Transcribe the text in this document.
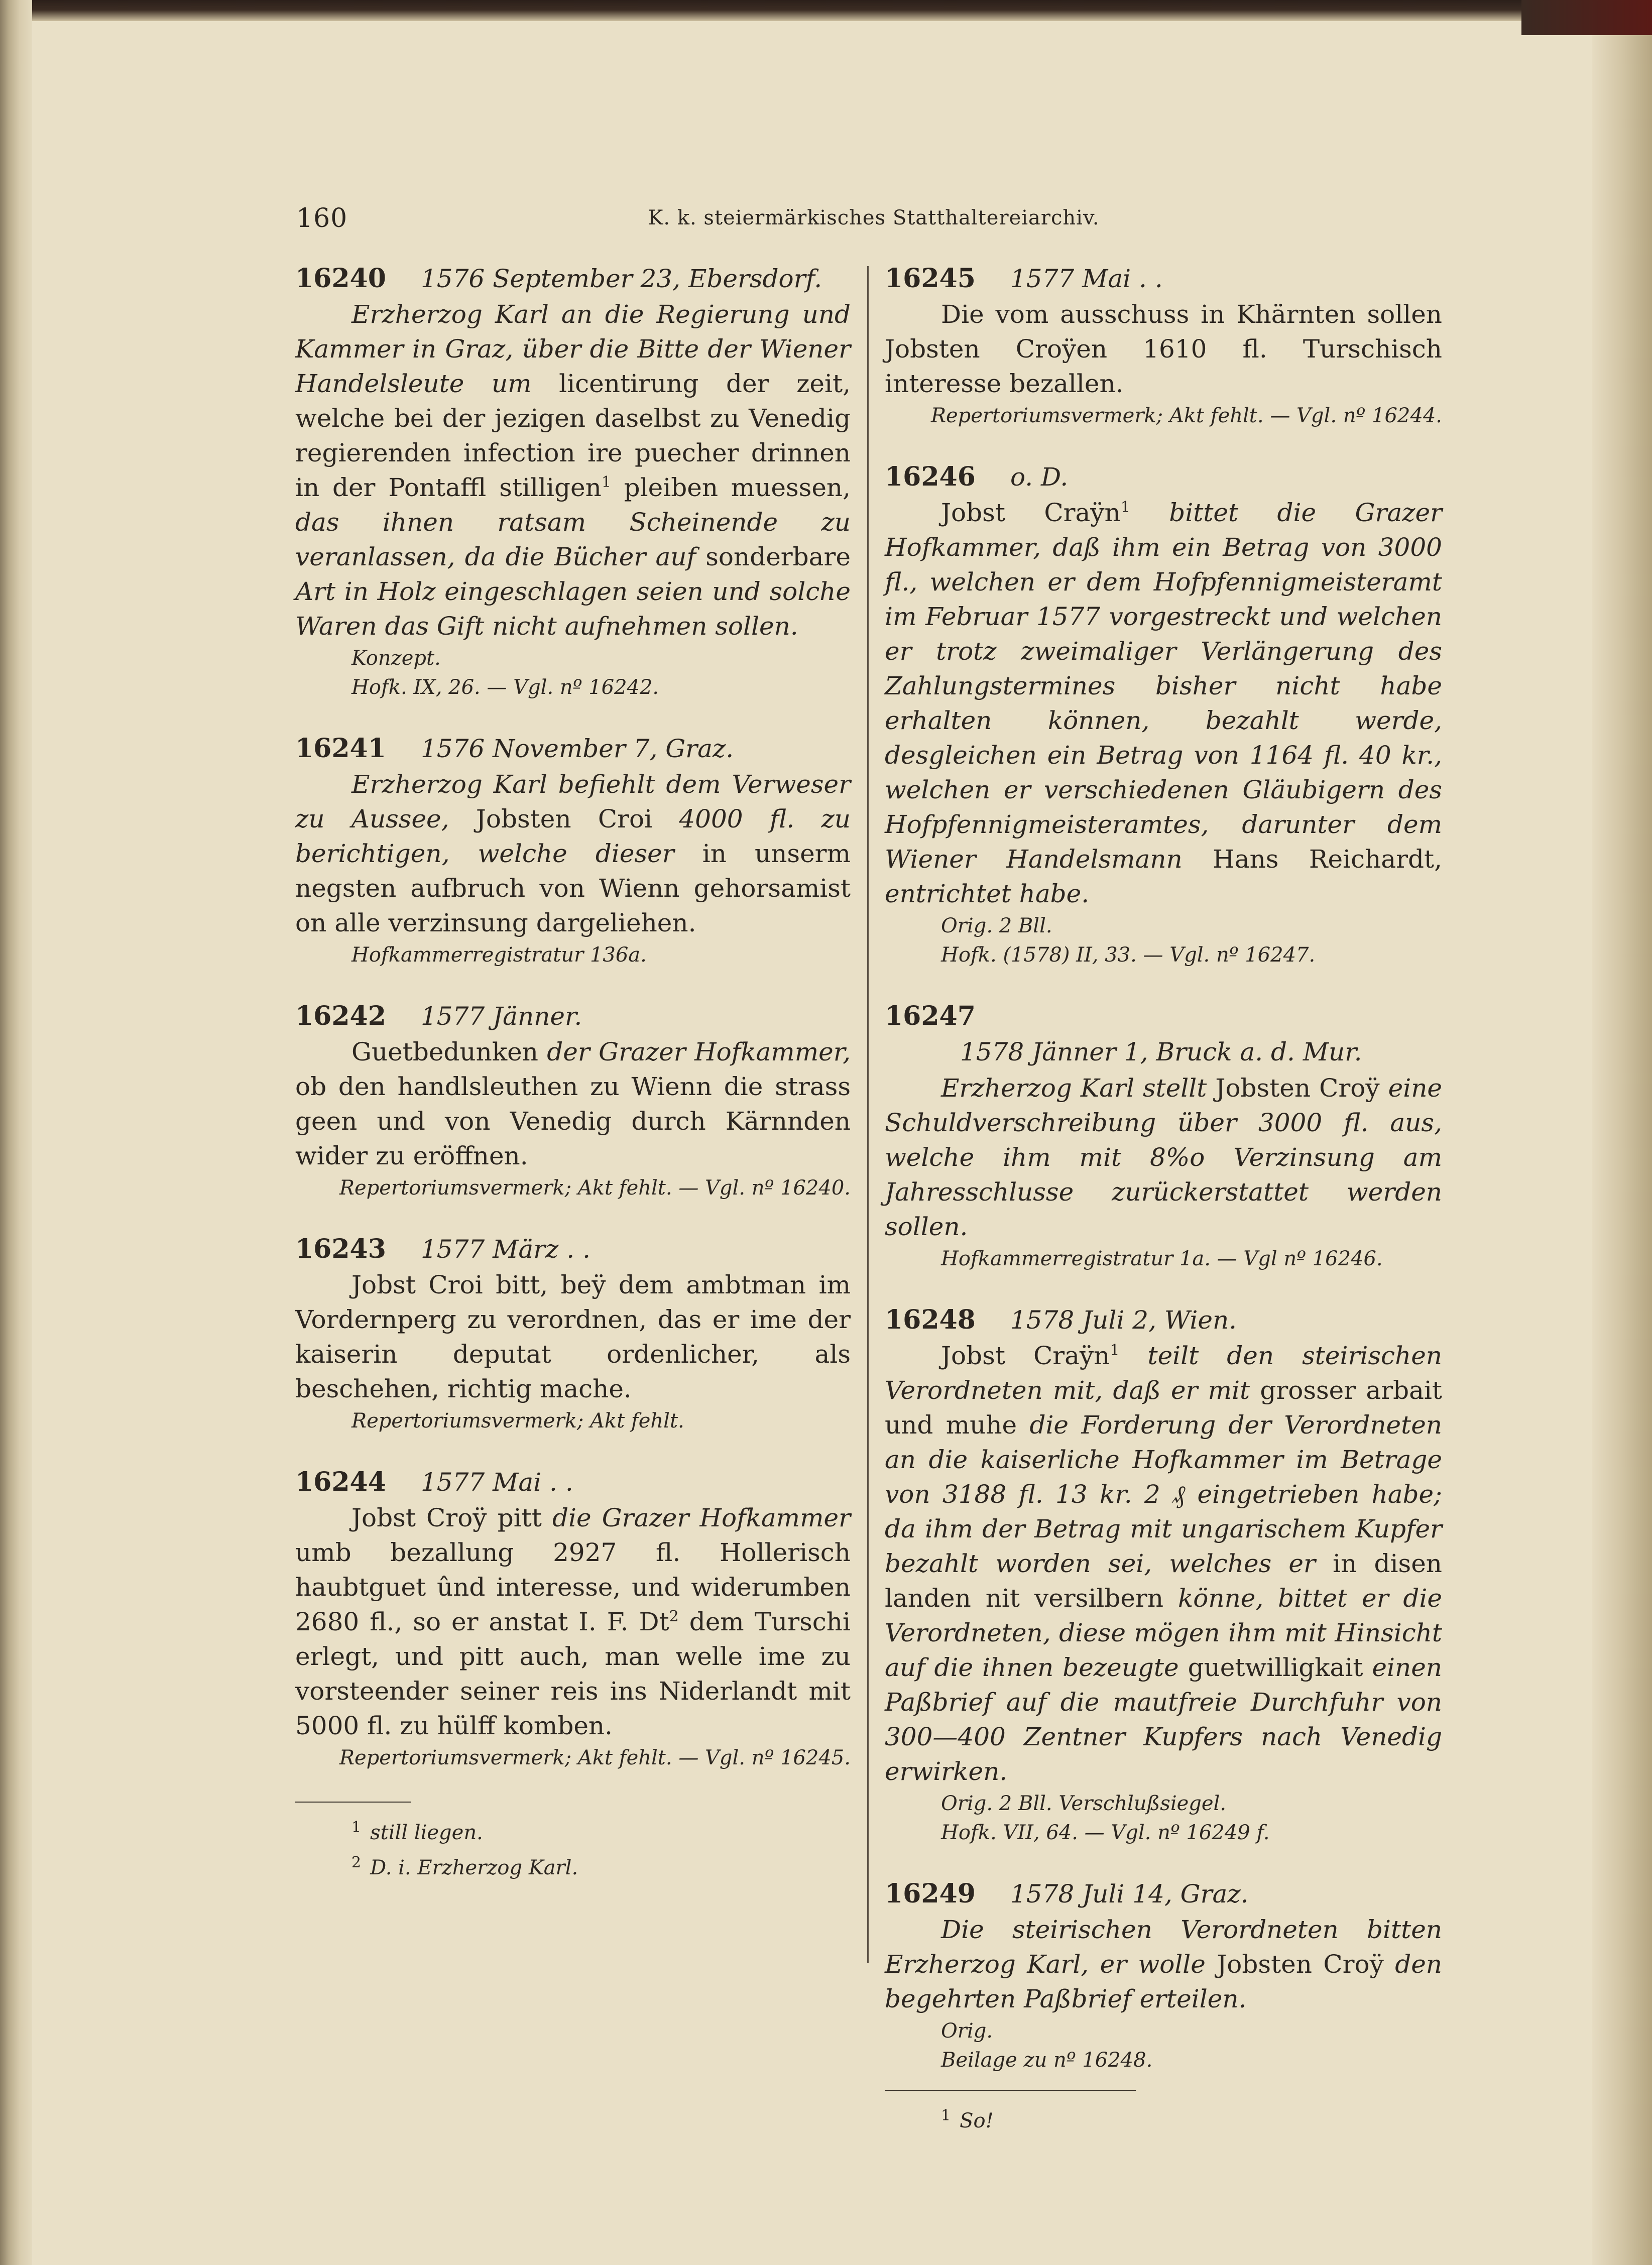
160	K. k. steiermärkisches Statthaltereiarchiv.
16240	1576 September 23, Ebersdorf.
Erzherzog Karl an die Regierung und Kammer in Graz, über die Bitte der Wiener Handelsleute um licentirung der zeit, welche bei der jezigen daselbst zu Venedig regierenden infection ire puecher drinnen in der Pontaffl stilligen$^1$ pleiben muessen, das ihnen ratsam Scheinende zu veranlassen, da die Bücher auf sonderbare Art in Holz eingeschlagen seien und solche Waren das Gift nicht aufnehmen sollen.
Konzept.
Hofk. IX, 26. — Vgl. nº 16242.
16241	1576 November 7, Graz.
Erzherzog Karl befiehlt dem Verweser zu Aussee, Jobsten Croi 4000 fl. zu berichtigen, welche dieser in unserm negsten aufbruch von Wienn gehorsamist on alle verzinsung dargeliehen.
Hofkammerregistratur 136a.
16242	1577 Jänner.
Guetbedunken der Grazer Hofkammer, ob den handlsleuthen zu Wienn die strass geen und von Venedig durch Kärnnden wider zu eröffnen.
Repertoriumsvermerk; Akt fehlt. — Vgl. nº 16240.
16243	1577 März . .
Jobst Croi bitt, beÿ dem ambtman im Vordernperg zu verordnen, das er ime der kaiserin deputat ordenlicher, als beschehen, richtig mache.
Repertoriumsvermerk; Akt fehlt.
16244	1577 Mai . .
Jobst Croÿ pitt die Grazer Hofkammer umb bezallung 2927 fl. Hollerisch haubtguet ûnd interesse, und widerumben 2680 fl., so er anstat I. F. Dt$^2$ dem Turschi erlegt, und pitt auch, man welle ime zu vorsteender seiner reis ins Niderlandt mit 5000 fl. zu hülff komben.
Repertoriumsvermerk; Akt fehlt. — Vgl. nº 16245.
$^1$ still liegen.
$^2$ D. i. Erzherzog Karl.
16245	1577 Mai . .
Die vom ausschuss in Khärnten sollen Jobsten Croÿen 1610 fl. Turschisch interesse bezallen.
Repertoriumsvermerk; Akt fehlt. — Vgl. nº 16244.
16246	o. D.
Jobst Craÿn$^1$ bittet die Grazer Hofkammer, daß ihm ein Betrag von 3000 fl., welchen er dem Hofpfennigmeisteramt im Februar 1577 vorgestreckt und welchen er trotz zweimaliger Verlängerung des Zahlungstermines bisher nicht habe erhalten können, bezahlt werde, desgleichen ein Betrag von 1164 fl. 40 kr., welchen er verschiedenen Gläubigern des Hofpfennigmeisteramtes, darunter dem Wiener Handelsmann Hans Reichardt, entrichtet habe.
Orig. 2 Bll.
Hofk. (1578) II, 33. — Vgl. nº 16247.
16247
1578 Jänner 1, Bruck a. d. Mur.
Erzherzog Karl stellt Jobsten Croÿ eine Schuldverschreibung über 3000 fl. aus, welche ihm mit 8%o Verzinsung am Jahresschlusse zurückerstattet werden sollen.
Hofkammerregistratur 1a. — Vgl nº 16246.
16248	1578 Juli 2, Wien.
Jobst Craÿn$^1$ teilt den steirischen Verordneten mit, daß er mit grosser arbait und muhe die Forderung der Verordneten an die kaiserliche Hofkammer im Betrage von 3188 fl. 13 kr. 2 ₰ eingetrieben habe; da ihm der Betrag mit ungarischem Kupfer bezahlt worden sei, welches er in disen landen nit versilbern könne, bittet er die Verordneten, diese mögen ihm mit Hinsicht auf die ihnen bezeugte guetwilligkait einen Paßbrief auf die mautfreie Durchfuhr von 300—400 Zentner Kupfers nach Venedig erwirken.
Orig. 2 Bll. Verschlußsiegel.
Hofk. VII, 64. — Vgl. nº 16249 f.
16249	1578 Juli 14, Graz.
Die steirischen Verordneten bitten Erzherzog Karl, er wolle Jobsten Croÿ den begehrten Paßbrief erteilen.
Orig.
Beilage zu nº 16248.
$^1$ So!
